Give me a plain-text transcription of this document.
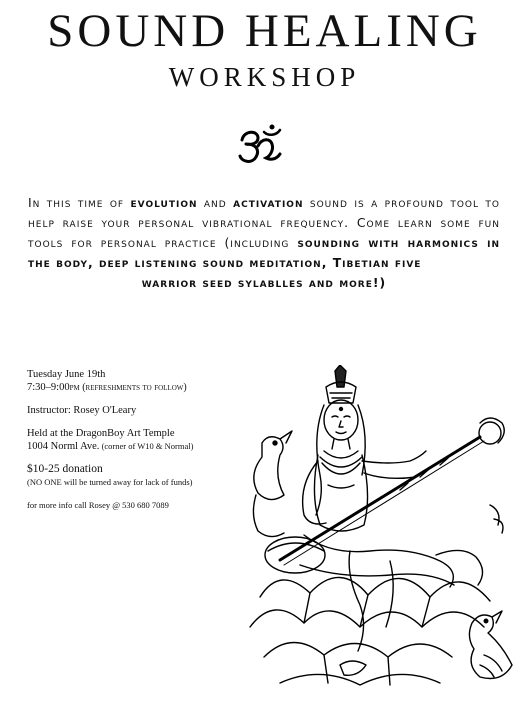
SOUND HEALING
WORKSHOP
In this time of evolution and activation sound is a profound tool to help raise your personal vibrational frequency. Come learn some fun tools for personal practice (including sounding with harmonics in the body, deep listening sound meditation, Tibetian five
warrior seed sylablles and more!)

Tuesday June 19th
7:30–9:00pm (refreshments to follow)

Instructor: Rosey O'Leary

Held at the DragonBoy Art Temple
1004 Norml Ave. (corner of W10 & Normal)

$10-25 donation
(NO ONE will be turned away for lack of funds)

for more info call Rosey @ 530 680 7089
